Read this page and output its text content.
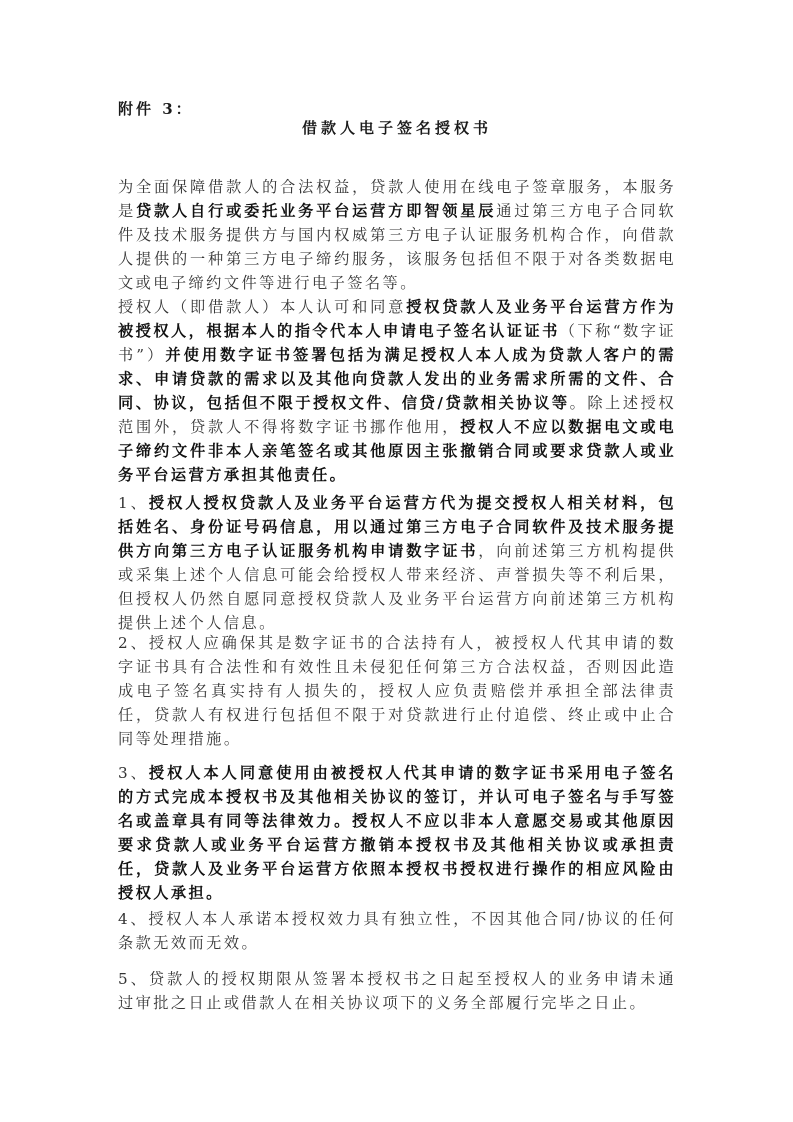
附件 3：
借款人电子签名授权书

为全面保障借款人的合法权益，贷款人使用在线电子签章服务，本服务是贷款人自行或委托业务平台运营方即智领星辰通过第三方电子合同软件及技术服务提供方与国内权威第三方电子认证服务机构合作，向借款人提供的一种第三方电子缔约服务，该服务包括但不限于对各类数据电文或电子缔约文件等进行电子签名等。

授权人（即借款人）本人认可和同意授权贷款人及业务平台运营方作为被授权人，根据本人的指令代本人申请电子签名认证证书（下称“数字证书”）并使用数字证书签署包括为满足授权人本人成为贷款人客户的需求、申请贷款的需求以及其他向贷款人发出的业务需求所需的文件、合同、协议，包括但不限于授权文件、信贷/贷款相关协议等。除上述授权范围外，贷款人不得将数字证书挪作他用，授权人不应以数据电文或电子缔约文件非本人亲笔签名或其他原因主张撤销合同或要求贷款人或业务平台运营方承担其他责任。

1、授权人授权贷款人及业务平台运营方代为提交授权人相关材料，包括姓名、身份证号码信息，用以通过第三方电子合同软件及技术服务提供方向第三方电子认证服务机构申请数字证书，向前述第三方机构提供或采集上述个人信息可能会给授权人带来经济、声誉损失等不利后果，但授权人仍然自愿同意授权贷款人及业务平台运营方向前述第三方机构提供上述个人信息。

2、授权人应确保其是数字证书的合法持有人，被授权人代其申请的数字证书具有合法性和有效性且未侵犯任何第三方合法权益，否则因此造成电子签名真实持有人损失的，授权人应负责赔偿并承担全部法律责任，贷款人有权进行包括但不限于对贷款进行止付追偿、终止或中止合同等处理措施。

3、授权人本人同意使用由被授权人代其申请的数字证书采用电子签名的方式完成本授权书及其他相关协议的签订，并认可电子签名与手写签名或盖章具有同等法律效力。授权人不应以非本人意愿交易或其他原因要求贷款人或业务平台运营方撤销本授权书及其他相关协议或承担责任，贷款人及业务平台运营方依照本授权书授权进行操作的相应风险由授权人承担。

4、授权人本人承诺本授权效力具有独立性，不因其他合同/协议的任何条款无效而无效。

5、贷款人的授权期限从签署本授权书之日起至授权人的业务申请未通过审批之日止或借款人在相关协议项下的义务全部履行完毕之日止。
